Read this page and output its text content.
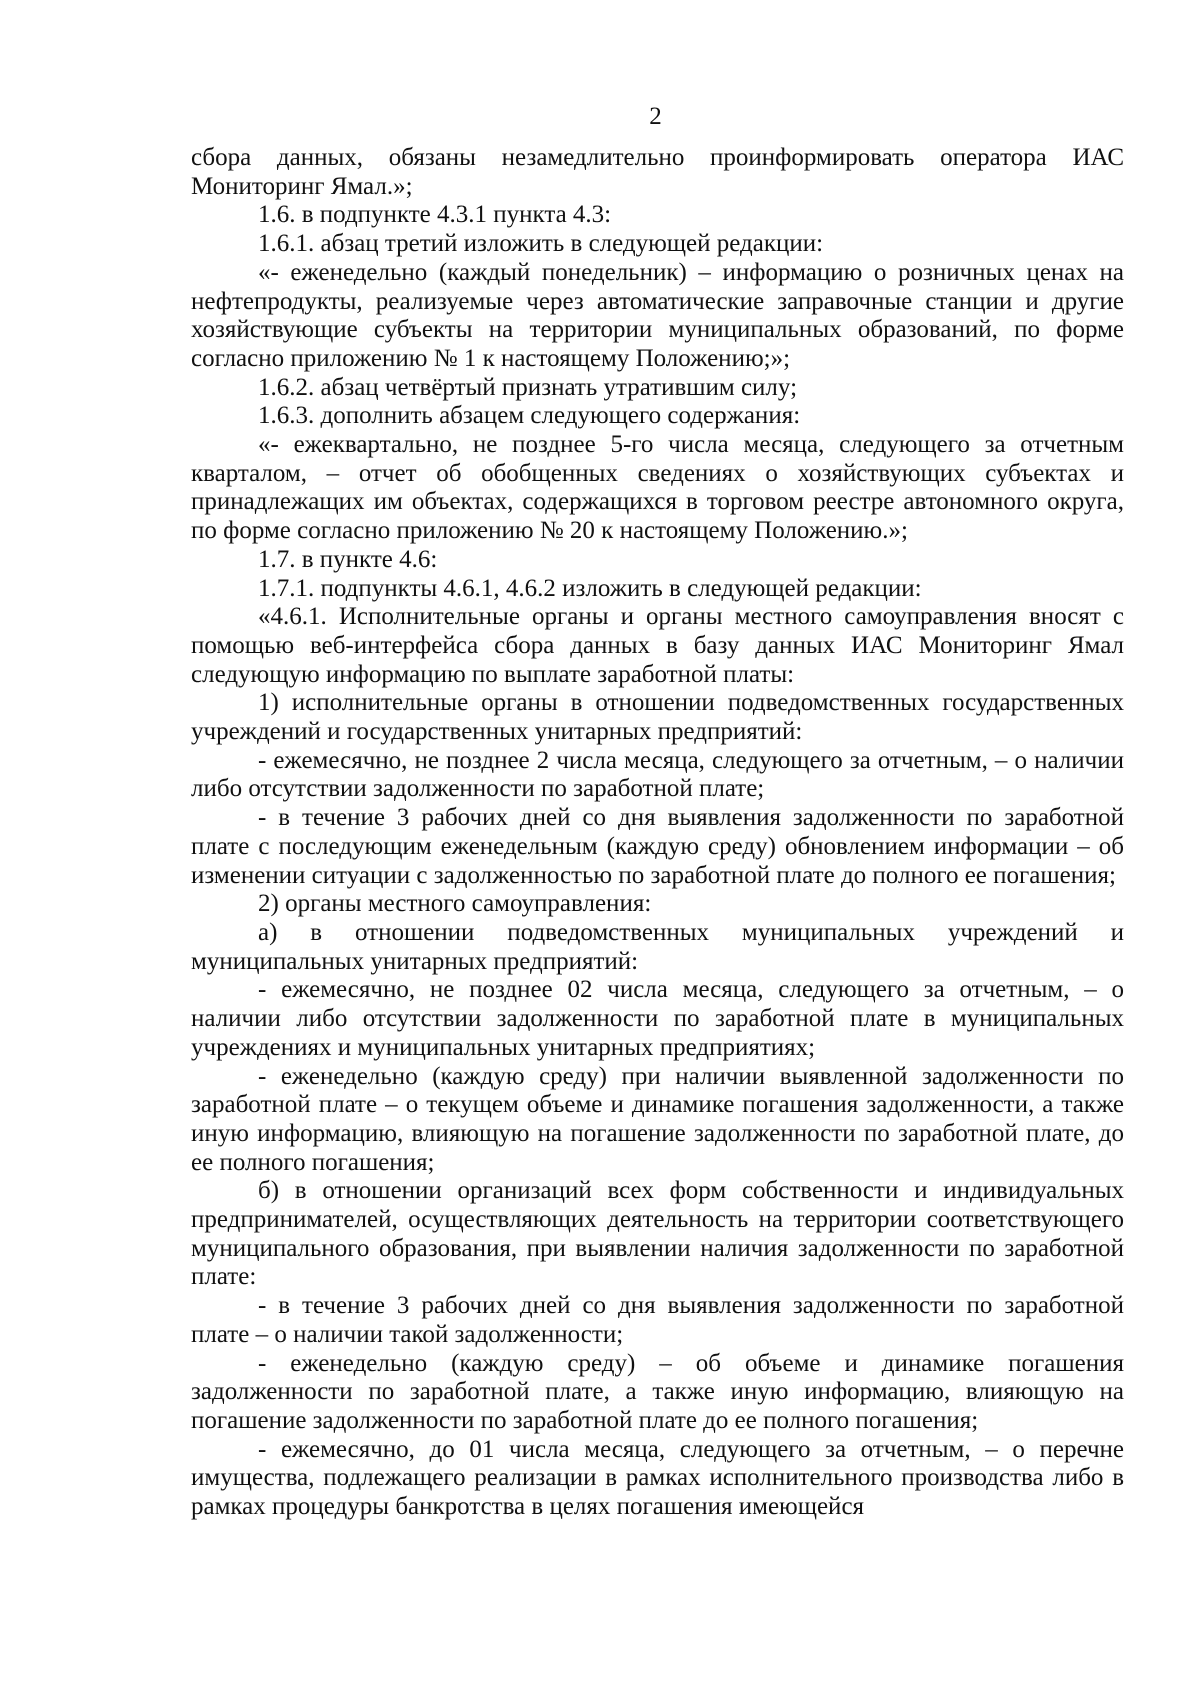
2

сбора данных, обязаны незамедлительно проинформировать оператора ИАС Мониторинг Ямал.»;

1.6. в подпункте 4.3.1 пункта 4.3:

1.6.1. абзац третий изложить в следующей редакции:

«- еженедельно (каждый понедельник) – информацию о розничных ценах на нефтепродукты, реализуемые через автоматические заправочные станции и другие хозяйствующие субъекты на территории муниципальных образований, по форме согласно приложению № 1 к настоящему Положению;»;

1.6.2. абзац четвёртый признать утратившим силу;

1.6.3. дополнить абзацем следующего содержания:

«- ежеквартально, не позднее 5-го числа месяца, следующего за отчетным кварталом, – отчет об обобщенных сведениях о хозяйствующих субъектах и принадлежащих им объектах, содержащихся в торговом реестре автономного округа, по форме согласно приложению № 20 к настоящему Положению.»;

1.7. в пункте 4.6:

1.7.1. подпункты 4.6.1, 4.6.2 изложить в следующей редакции:

«4.6.1. Исполнительные органы и органы местного самоуправления вносят с помощью веб-интерфейса сбора данных в базу данных ИАС Мониторинг Ямал следующую информацию по выплате заработной платы:

1) исполнительные органы в отношении подведомственных государственных учреждений и государственных унитарных предприятий:

- ежемесячно, не позднее 2 числа месяца, следующего за отчетным, – о наличии либо отсутствии задолженности по заработной плате;

- в течение 3 рабочих дней со дня выявления задолженности по заработной плате с последующим еженедельным (каждую среду) обновлением информации – об изменении ситуации с задолженностью по заработной плате до полного ее погашения;

2) органы местного самоуправления:

а) в отношении подведомственных муниципальных учреждений и муниципальных унитарных предприятий:

- ежемесячно, не позднее 02 числа месяца, следующего за отчетным, – о наличии либо отсутствии задолженности по заработной плате в муниципальных учреждениях и муниципальных унитарных предприятиях;

- еженедельно (каждую среду) при наличии выявленной задолженности по заработной плате – о текущем объеме и динамике погашения задолженности, а также иную информацию, влияющую на погашение задолженности по заработной плате, до ее полного погашения;

б) в отношении организаций всех форм собственности и индивидуальных предпринимателей, осуществляющих деятельность на территории соответствующего муниципального образования, при выявлении наличия задолженности по заработной плате:

- в течение 3 рабочих дней со дня выявления задолженности по заработной плате – о наличии такой задолженности;

- еженедельно (каждую среду) – об объеме и динамике погашения задолженности по заработной плате, а также иную информацию, влияющую на погашение задолженности по заработной плате до ее полного погашения;

- ежемесячно, до 01 числа месяца, следующего за отчетным, – о перечне имущества, подлежащего реализации в рамках исполнительного производства либо в рамках процедуры банкротства в целях погашения имеющейся
